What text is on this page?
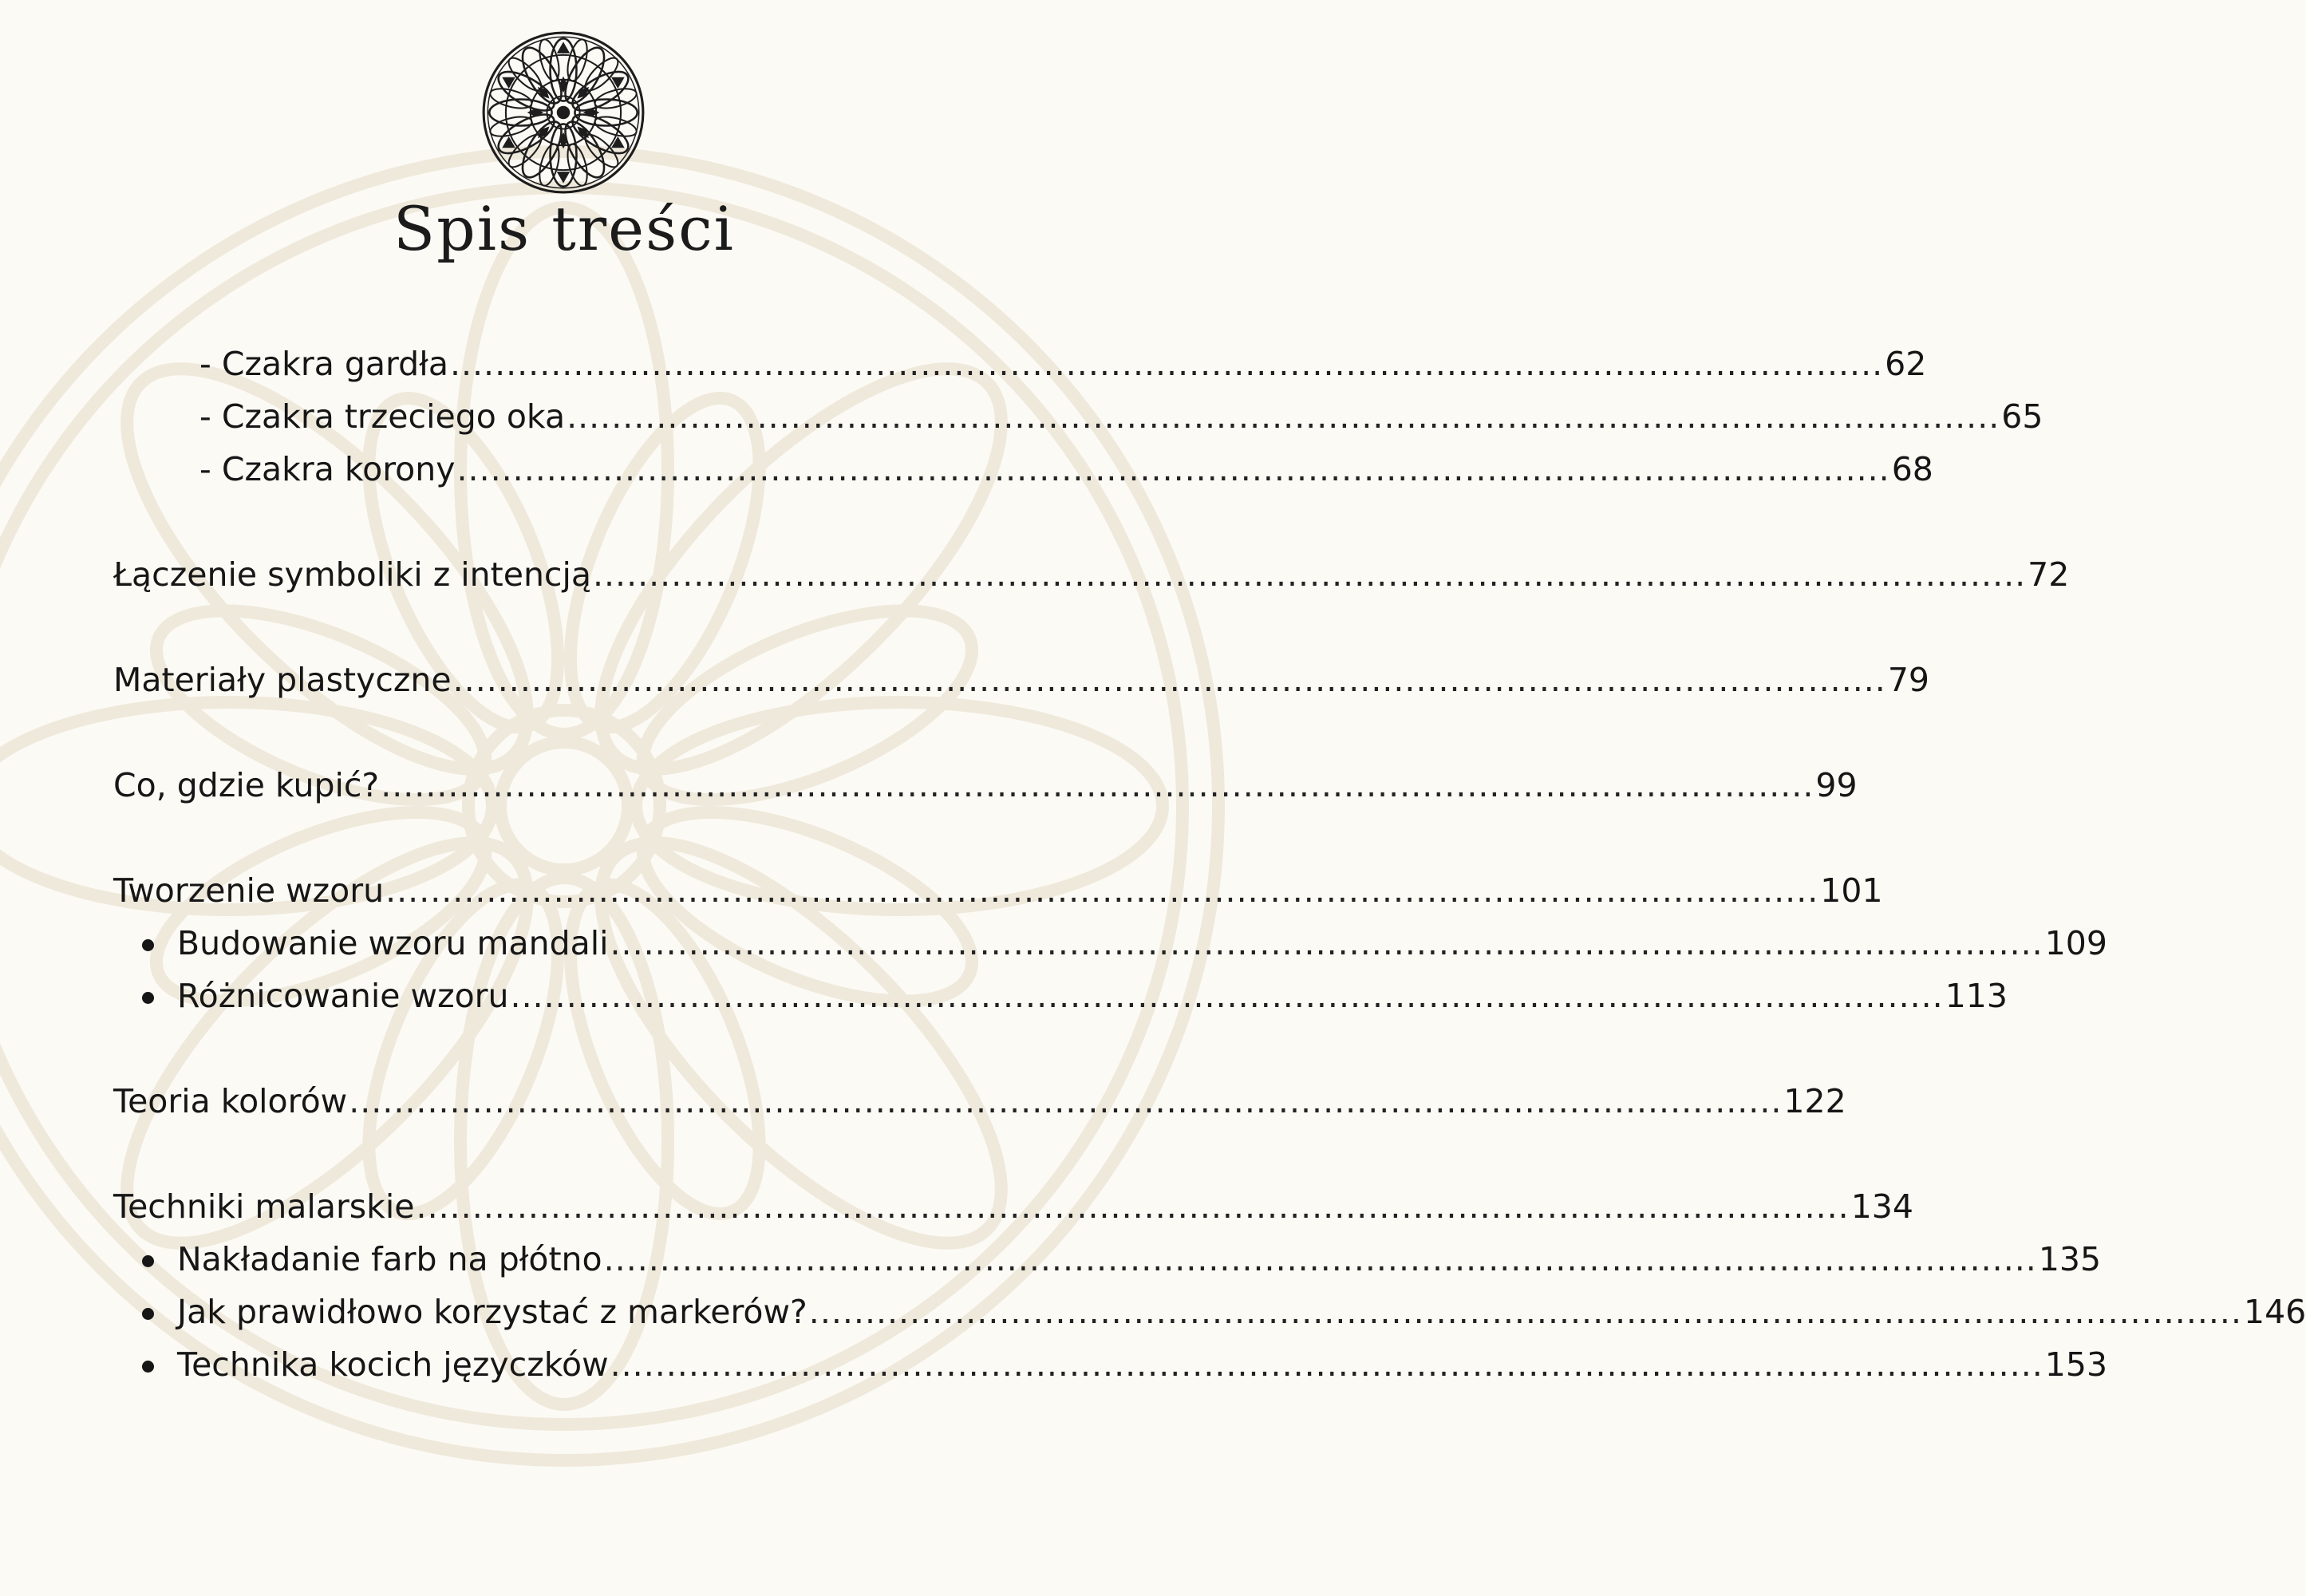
Spis treści
- Czakra gardła ................................................................................................................................ 62
- Czakra trzeciego oka ................................................................................................................................ 65
- Czakra korony ................................................................................................................................ 68
Łączenie symboliki z intencją ................................................................................................................................ 72
Materiały plastyczne ................................................................................................................................ 79
Co, gdzie kupić? ................................................................................................................................ 99
Tworzenie wzoru ................................................................................................................................ 101
Budowanie wzoru mandali ................................................................................................................................ 109
Różnicowanie wzoru ................................................................................................................................ 113
Teoria kolorów ................................................................................................................................ 122
Techniki malarskie ................................................................................................................................ 134
Nakładanie farb na płótno ................................................................................................................................ 135
Jak prawidłowo korzystać z markerów? ................................................................................................................................ 146
Technika kocich języczków ................................................................................................................................ 153
